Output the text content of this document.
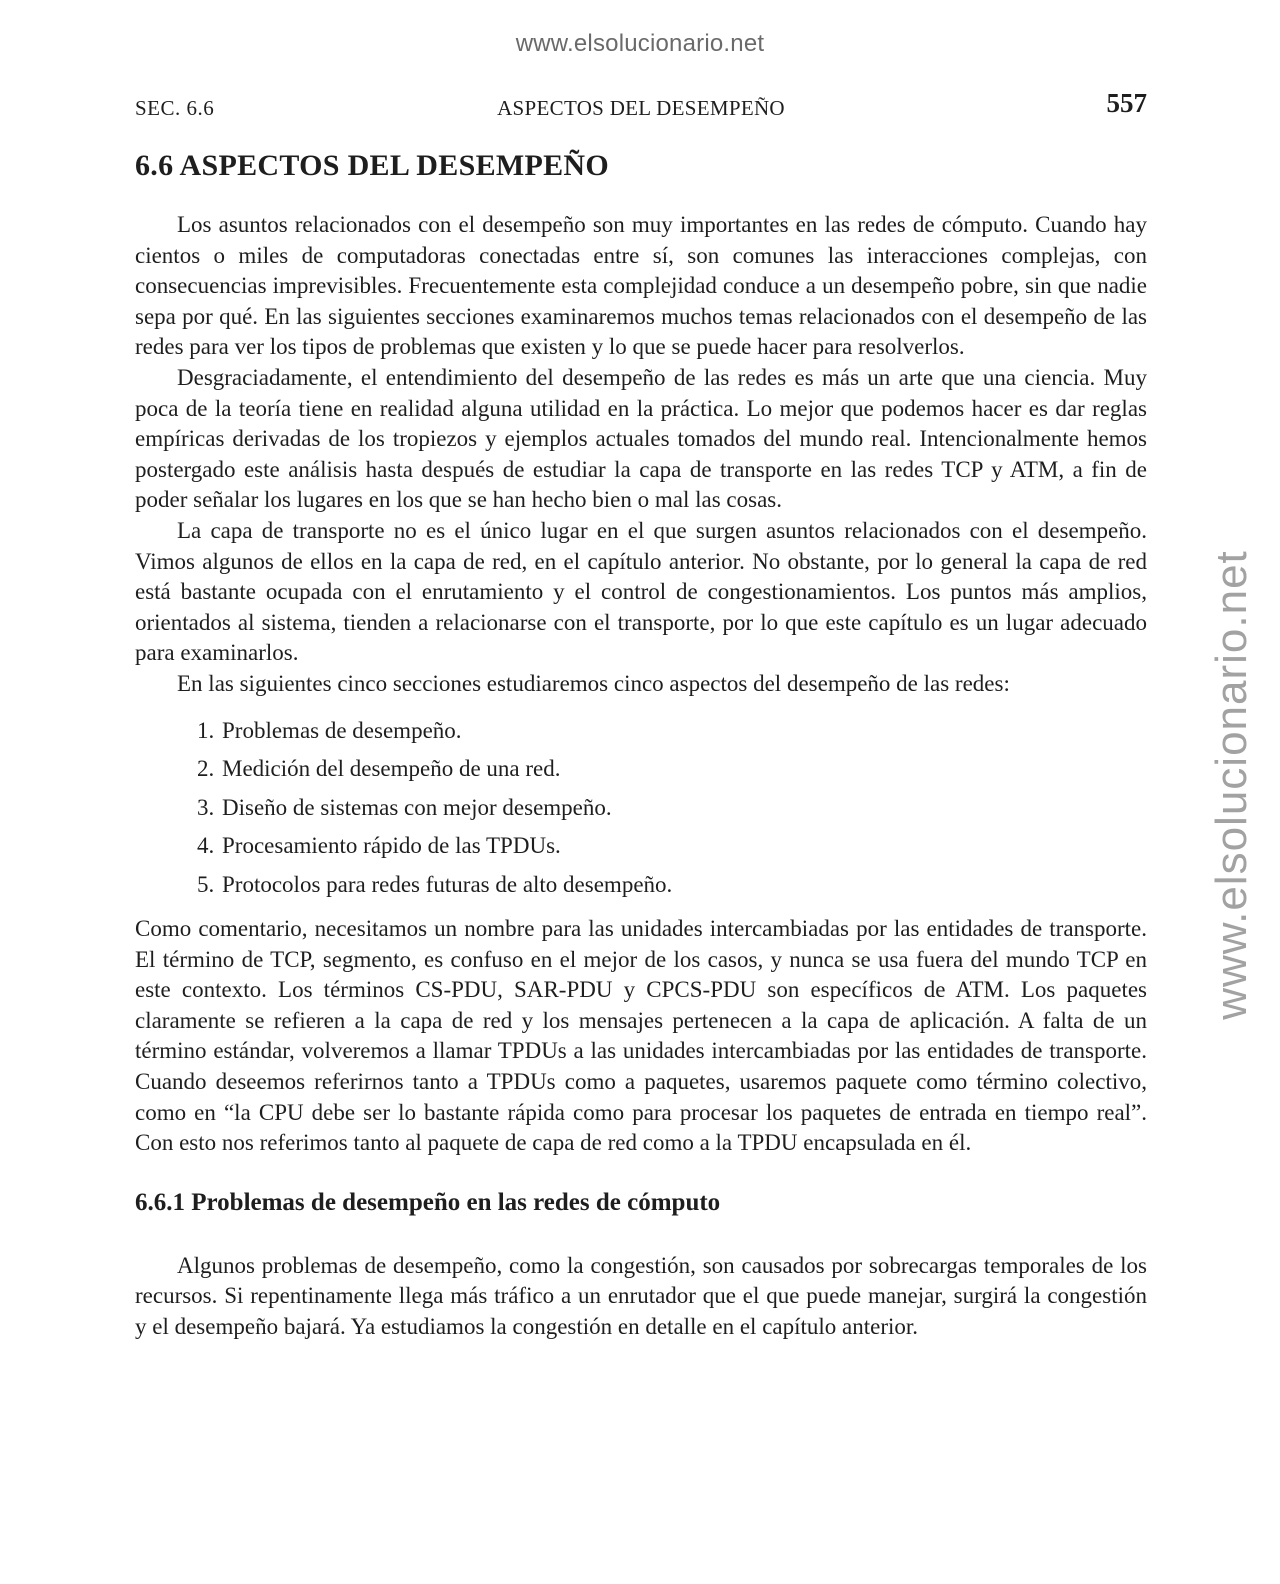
www.elsolucionario.net
www.elsolucionario.net
SEC. 6.6	ASPECTOS DEL DESEMPEÑO	557
6.6 ASPECTOS DEL DESEMPEÑO

Los asuntos relacionados con el desempeño son muy importantes en las redes de cómputo. Cuando hay cientos o miles de computadoras conectadas entre sí, son comunes las interacciones complejas, con consecuencias imprevisibles. Frecuentemente esta complejidad conduce a un desempeño pobre, sin que nadie sepa por qué. En las siguientes secciones examinaremos muchos temas relacionados con el desempeño de las redes para ver los tipos de problemas que existen y lo que se puede hacer para resolverlos.

Desgraciadamente, el entendimiento del desempeño de las redes es más un arte que una ciencia. Muy poca de la teoría tiene en realidad alguna utilidad en la práctica. Lo mejor que podemos hacer es dar reglas empíricas derivadas de los tropiezos y ejemplos actuales tomados del mundo real. Intencionalmente hemos postergado este análisis hasta después de estudiar la capa de transporte en las redes TCP y ATM, a fin de poder señalar los lugares en los que se han hecho bien o mal las cosas.

La capa de transporte no es el único lugar en el que surgen asuntos relacionados con el desempeño. Vimos algunos de ellos en la capa de red, en el capítulo anterior. No obstante, por lo general la capa de red está bastante ocupada con el enrutamiento y el control de congestionamientos. Los puntos más amplios, orientados al sistema, tienden a relacionarse con el transporte, por lo que este capítulo es un lugar adecuado para examinarlos.

En las siguientes cinco secciones estudiaremos cinco aspectos del desempeño de las redes:

1. Problemas de desempeño.
2. Medición del desempeño de una red.
3. Diseño de sistemas con mejor desempeño.
4. Procesamiento rápido de las TPDUs.
5. Protocolos para redes futuras de alto desempeño.

Como comentario, necesitamos un nombre para las unidades intercambiadas por las entidades de transporte. El término de TCP, segmento, es confuso en el mejor de los casos, y nunca se usa fuera del mundo TCP en este contexto. Los términos CS-PDU, SAR-PDU y CPCS-PDU son específicos de ATM. Los paquetes claramente se refieren a la capa de red y los mensajes pertenecen a la capa de aplicación. A falta de un término estándar, volveremos a llamar TPDUs a las unidades intercambiadas por las entidades de transporte. Cuando deseemos referirnos tanto a TPDUs como a paquetes, usaremos paquete como término colectivo, como en “la CPU debe ser lo bastante rápida como para procesar los paquetes de entrada en tiempo real”. Con esto nos referimos tanto al paquete de capa de red como a la TPDU encapsulada en él.

6.6.1 Problemas de desempeño en las redes de cómputo

Algunos problemas de desempeño, como la congestión, son causados por sobrecargas temporales de los recursos. Si repentinamente llega más tráfico a un enrutador que el que puede manejar, surgirá la congestión y el desempeño bajará. Ya estudiamos la congestión en detalle en el capítulo anterior.
